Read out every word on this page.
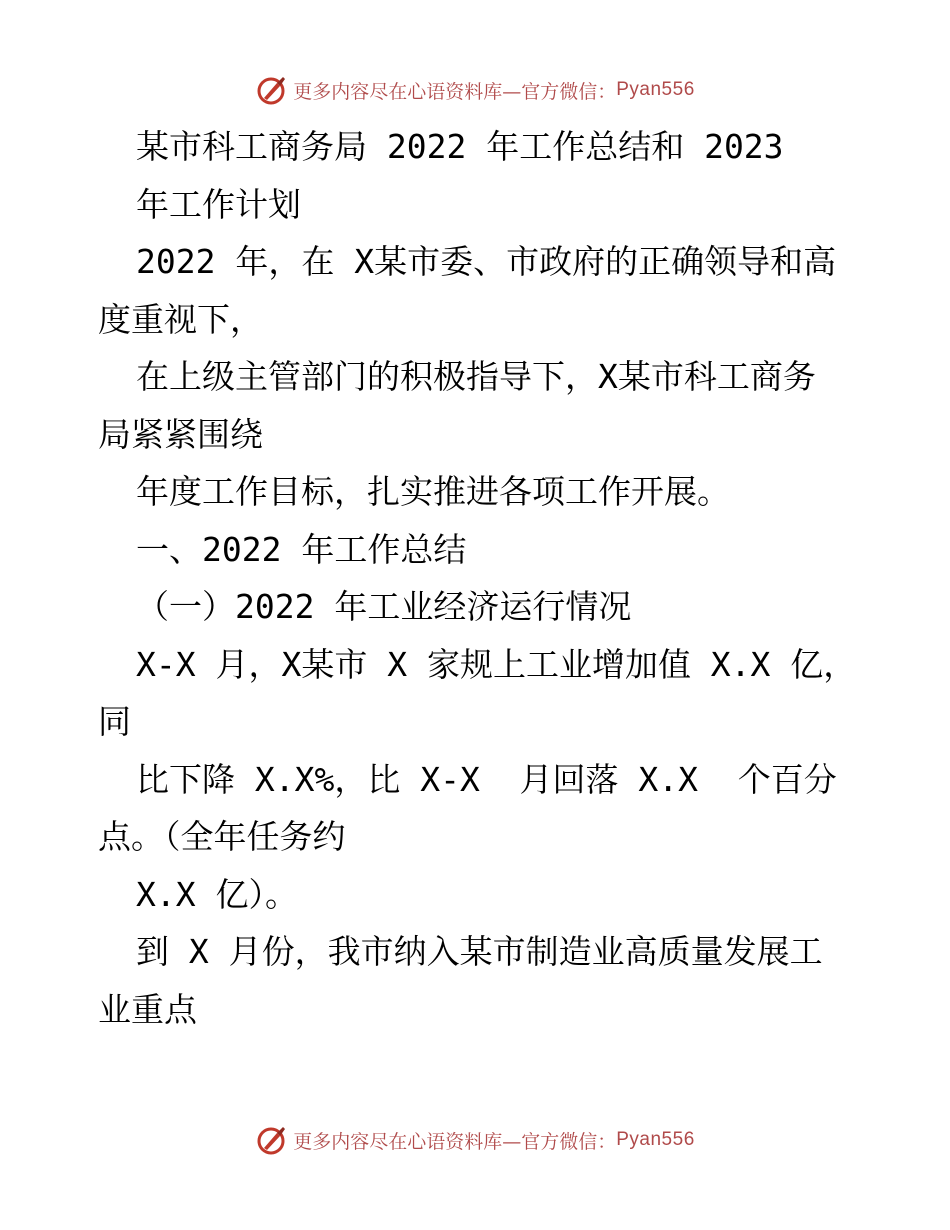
更多内容尽在心语资料库—官方微信： Pyan556
某市科工商务局 2022 年工作总结和 2023
年工作计划
2022 年，在 X某市委、市政府的正确领导和高
度重视下，
在上级主管部门的积极指导下，X某市科工商务
局紧紧围绕
年度工作目标，扎实推进各项工作开展。
一、2022 年工作总结
（一）2022 年工业经济运行情况
X-X 月，X某市 X 家规上工业增加值 X.X 亿，
同
比下降 X.X%，比 X-X  月回落 X.X  个百分
点。（全年任务约
X.X 亿）。
到 X 月份，我市纳入某市制造业高质量发展工
业重点
更多内容尽在心语资料库—官方微信： Pyan556
